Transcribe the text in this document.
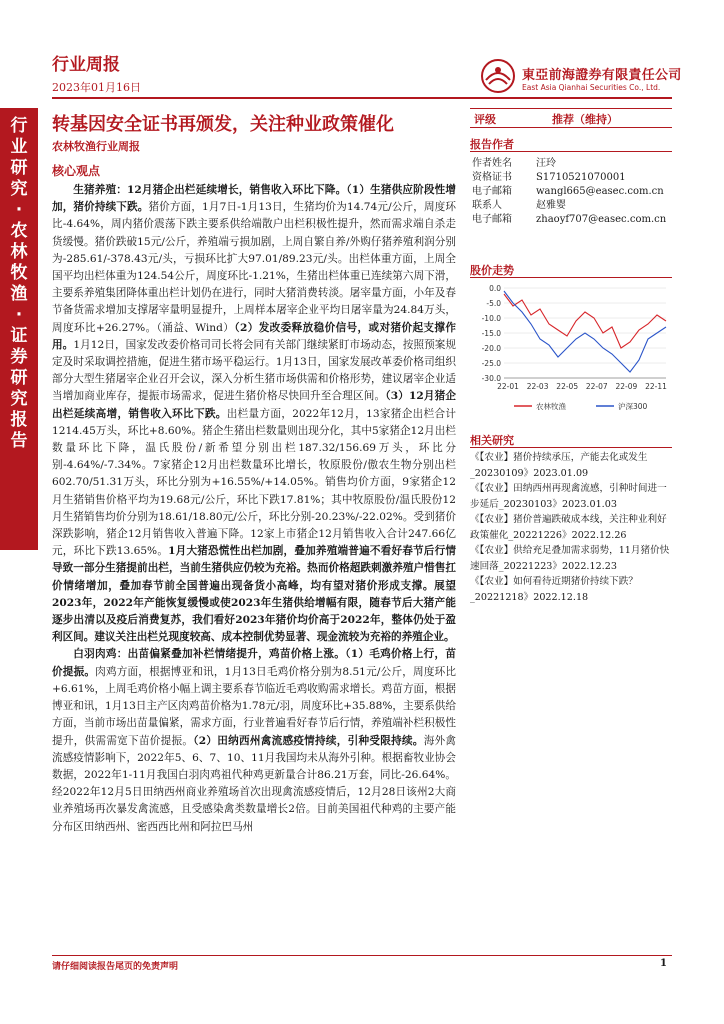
行业周报
2023年01月16日
東亞前海證券有限責任公司
East Asia Qianhai Securities Co., Ltd.
行业研究·农林牧渔·证券研究报告
转基因安全证书再颁发，关注种业政策催化
农林牧渔行业周报
核心观点

生猪养殖：12月猪企出栏延续增长，销售收入环比下降。（1）生猪供应阶段性增加，猪价持续下跌。猪价方面，1月7日-1月13日，生猪均价为14.74元/公斤，周度环比-4.64%，周内猪价震荡下跌主要系供给端散户出栏积极性提升，然而需求端自杀走货缓慢。猪价跌破15元/公斤，养殖端亏损加剧，上周自繁自养/外购仔猪养殖利润分别为-285.61/-378.43元/头，亏损环比扩大97.01/89.23元/头。出栏体重方面，上周全国平均出栏体重为124.54公斤，周度环比-1.21%，生猪出栏体重已连续第六周下滑，主要系养殖集团降体重出栏计划仍在进行，同时大猪消费转淡。屠宰量方面，小年及春节备货需求增加支撑屠宰量明显提升，上周样本屠宰企业平均日屠宰量为24.84万头，周度环比+26.27%。（涌益、Wind）（2）发改委释放稳价信号，或对猪价起支撑作用。1月12日，国家发改委价格司司长将会同有关部门继续紧盯市场动态，按照预案规定及时采取调控措施，促进生猪市场平稳运行。1月13日，国家发展改革委价格司组织部分大型生猪屠宰企业召开会议，深入分析生猪市场供需和价格形势，建议屠宰企业适当增加商业库存，提振市场需求，促进生猪价格尽快回升至合理区间。（3）12月猪企出栏延续高增，销售收入环比下跌。出栏量方面，2022年12月，13家猪企出栏合计1214.45万头，环比+8.60%。猪企生猪出栏数量则出现分化，其中5家猪企12月出栏数量环比下降，温氏股份/新希望分别出栏187.32/156.69万头，环比分别-4.64%/-7.34%。7家猪企12月出栏数量环比增长，牧原股份/傲农生物分别出栏602.70/51.31万头，环比分别为+16.55%/+14.05%。销售均价方面，9家猪企12月生猪销售价格平均为19.68元/公斤，环比下跌17.81%；其中牧原股份/温氏股份12月生猪销售均价分别为18.61/18.80元/公斤，环比分别-20.23%/-22.02%。受到猪价深跌影响，猪企12月销售收入普遍下降。12家上市猪企12月销售收入合计247.66亿元，环比下跌13.65%。1月大猪恐慌性出栏加剧，叠加养殖端普遍不看好春节后行情导致一部分生猪提前出栏，当前生猪供应仍较为充裕。热而价格超跌刺激养殖户惜售扛价情绪增加，叠加春节前全国普遍出现备货小高峰，均有望对猪价形成支撑。展望2023年，2022年产能恢复缓慢或使2023年生猪供给增幅有限，随春节后大猪产能逐步出清以及疫后消费复苏，我们看好2023年猪价均价高于2022年，整体仍处于盈利区间。建议关注出栏兑现度较高、成本控制优势显著、现金流较为充裕的养殖企业。

白羽肉鸡：出苗偏紧叠加补栏情绪提升，鸡苗价格上涨。（1）毛鸡价格上行，苗价提振。肉鸡方面，根据博亚和讯，1月13日毛鸡价格分别为8.51元/公斤，周度环比+6.61%，上周毛鸡价格小幅上调主要系春节临近毛鸡收购需求增长。鸡苗方面，根据博亚和讯，1月13日主产区肉鸡苗价格为1.78元/羽，周度环比+35.88%，主要系供给方面，当前市场出苗量偏紧，需求方面，行业普遍看好春节后行情，养殖端补栏积极性提升，供需需宽下苗价提振。（2）田纳西州禽流感疫情持续，引种受限持续。海外禽流感疫情影响下，2022年5、6、7、10、11月我国均未从海外引种。根据畜牧业协会数据，2022年1-11月我国白羽肉鸡祖代种鸡更新量合计86.21万套，同比-26.64%。经2022年12月5日田纳西州商业养殖场首次出现禽流感疫情后，12月28日该州2大商业养殖场再次暴发禽流感，且受感染禽类数量增长2倍。目前美国祖代种鸡的主要产能分布区田纳西州、密西西比州和阿拉巴马州

评级	推荐（维持）
报告作者
作者姓名 汪玲
资格证书 S1710521070001
电子邮箱 wangl665@easec.com.cn
联系人	赵雅婴
电子邮箱 zhaoyf707@easec.com.cn
股价走势
0.0
-5.0
-10.0
-15.0
-20.0
-25.0
-30.0
22-01 22-03 22-05 22-07 22-09 22-11
农林牧渔	沪深300
相关研究
《【农业】猪价持续承压，产能去化或发生_20230109》2023.01.09
《【农业】田纳西州再现禽流感，引种时间进一步延后_20230103》2023.01.03
《【农业】猪价普遍跌破成本线，关注种业利好政策催化_20221226》2022.12.26
《【农业】供给充足叠加需求弱势，11月猪价快速回落_20221223》2022.12.23
《【农业】如何看待近期猪价持续下跌？_20221218》2022.12.18
请仔细阅读报告尾页的免责声明	1
